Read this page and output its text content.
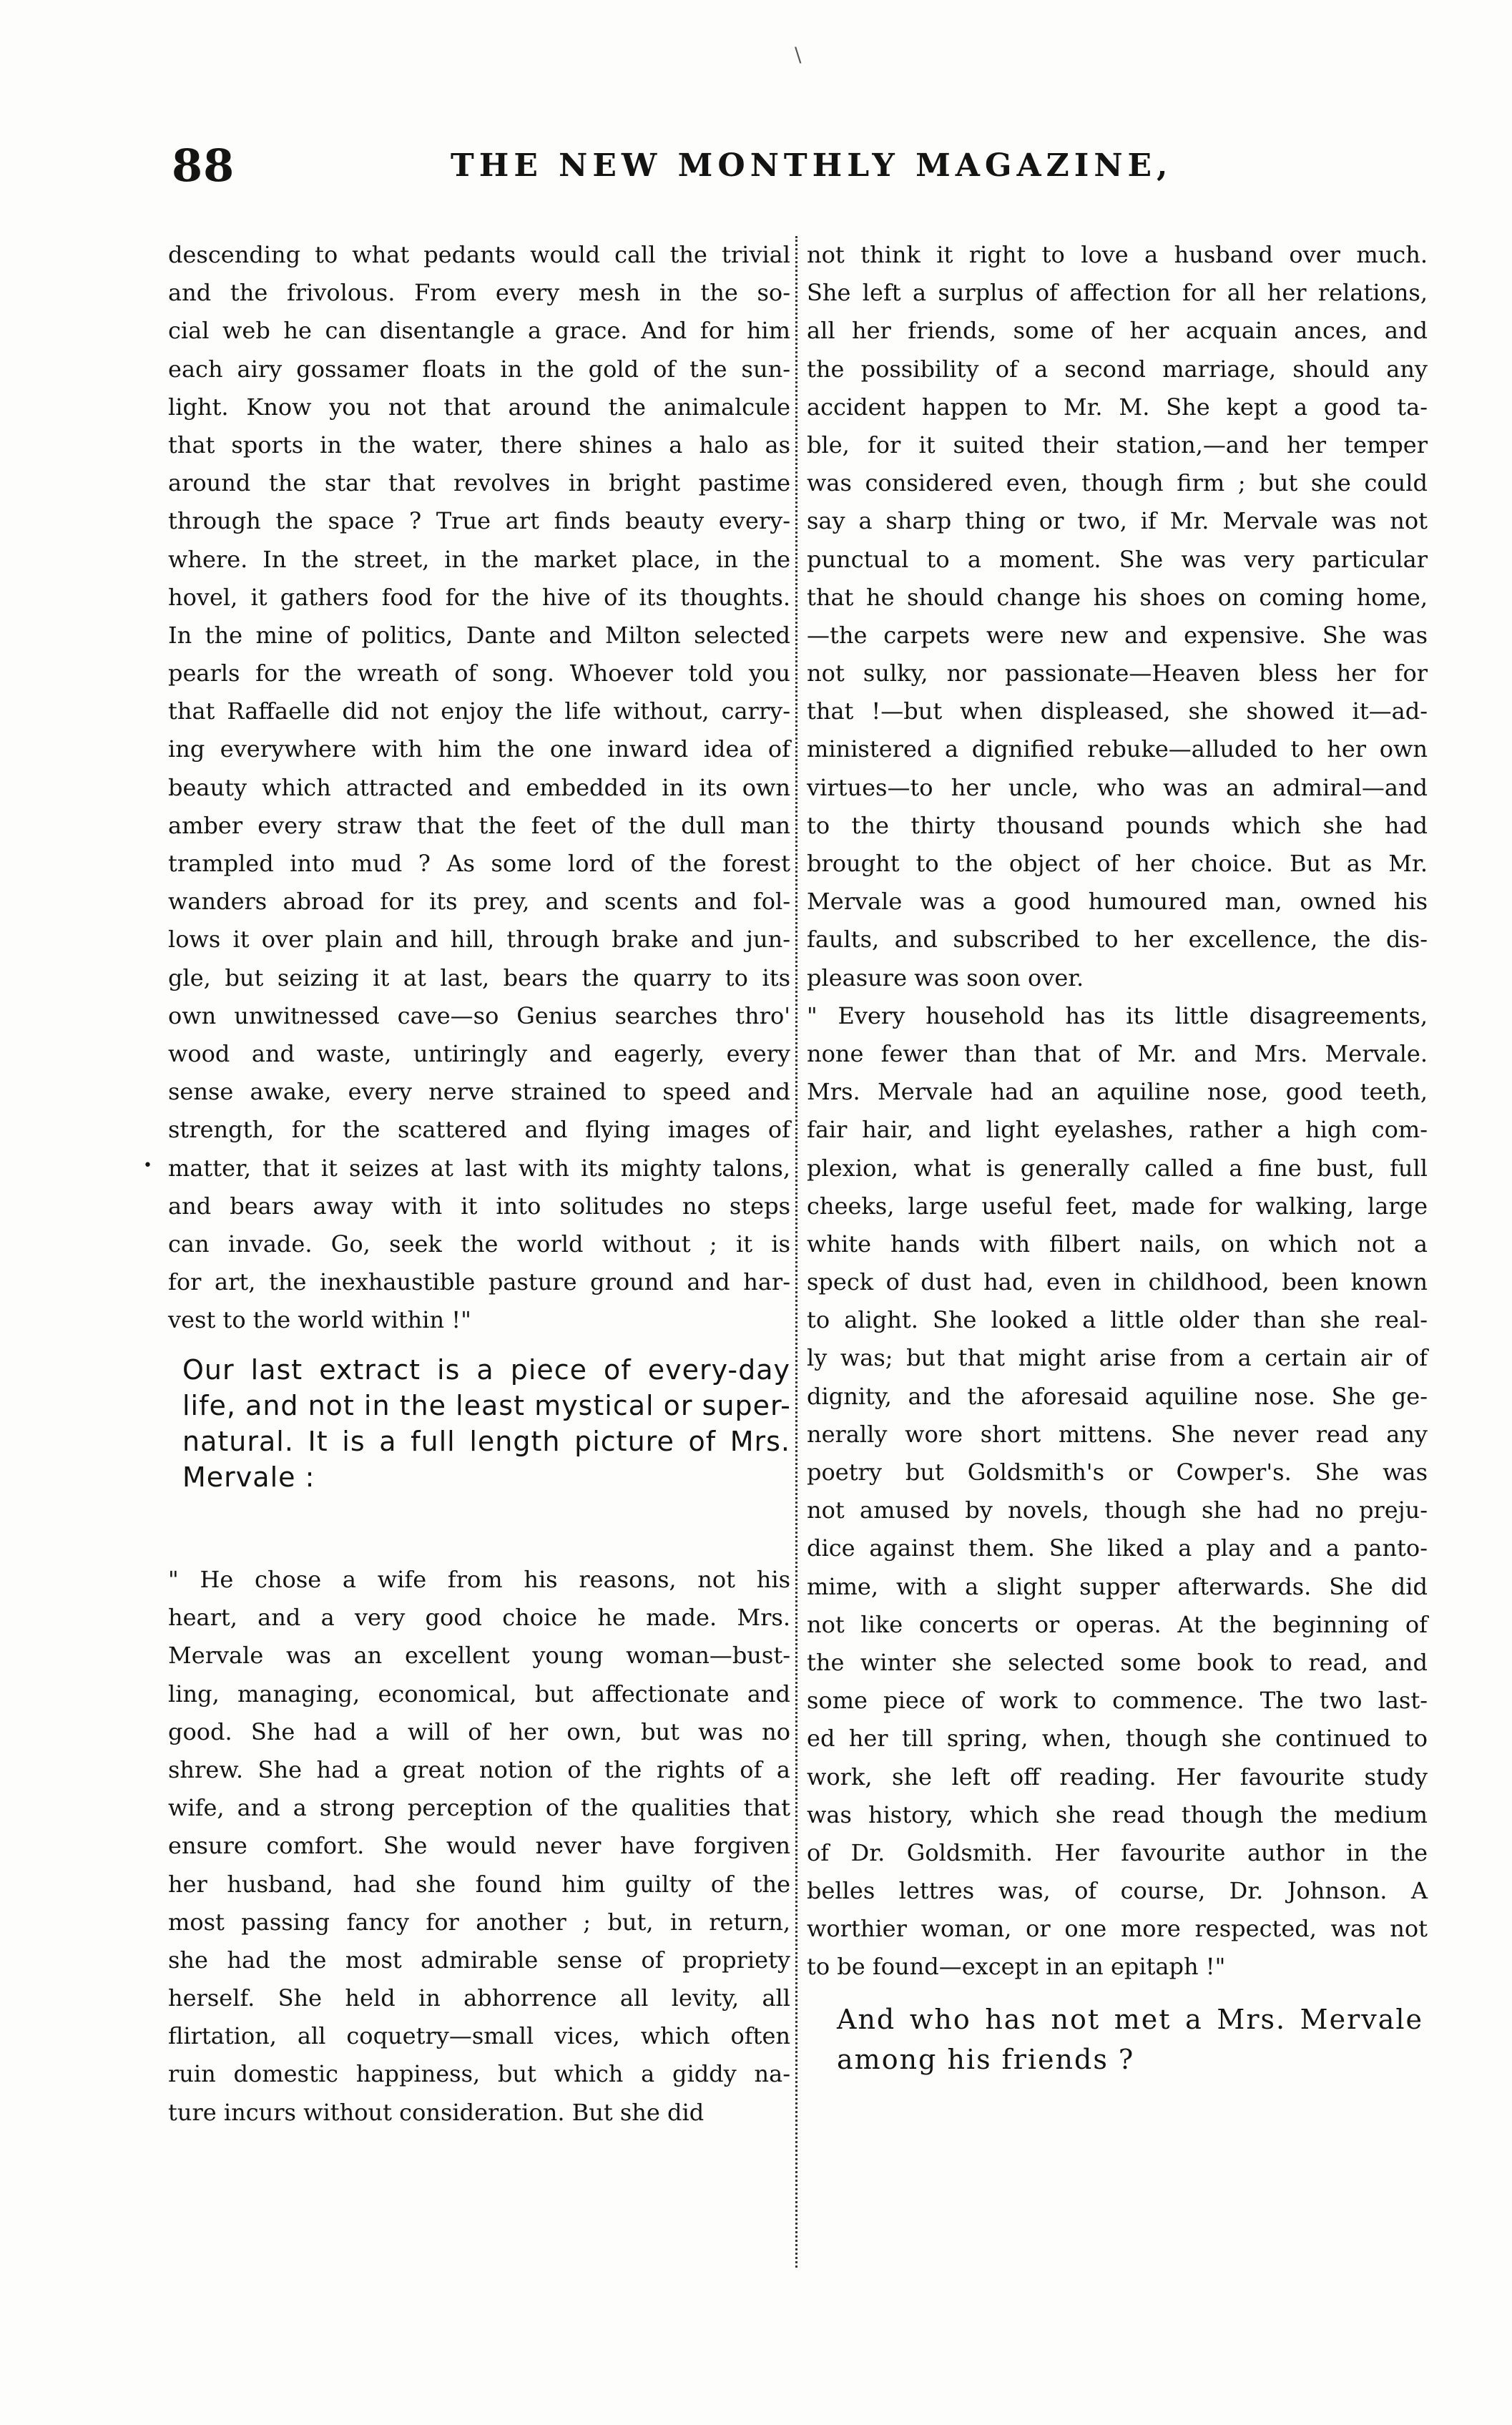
\
88	THE NEW MONTHLY MAGAZINE,
descending to what pedants would call the trivial
and the frivolous. From every mesh in the so-
cial web he can disentangle a grace. And for him
each airy gossamer floats in the gold of the sun-
light. Know you not that around the animalcule
that sports in the water, there shines a halo as
around the star that revolves in bright pastime
through the space ? True art finds beauty every-
where. In the street, in the market place, in the
hovel, it gathers food for the hive of its thoughts.
In the mine of politics, Dante and Milton selected
pearls for the wreath of song. Whoever told you
that Raffaelle did not enjoy the life without, carry-
ing everywhere with him the one inward idea of
beauty which attracted and embedded in its own
amber every straw that the feet of the dull man
trampled into mud ? As some lord of the forest
wanders abroad for its prey, and scents and fol-
lows it over plain and hill, through brake and jun-
gle, but seizing it at last, bears the quarry to its
own unwitnessed cave—so Genius searches thro'
wood and waste, untiringly and eagerly, every
sense awake, every nerve strained to speed and
strength, for the scattered and flying images of
matter, that it seizes at last with its mighty talons,
and bears away with it into solitudes no steps
can invade. Go, seek the world without ; it is
for art, the inexhaustible pasture ground and har-
vest to the world within !"
Our last extract is a piece of every-day
life, and not in the least mystical or super-
natural. It is a full length picture of Mrs.
Mervale :
" He chose a wife from his reasons, not his
heart, and a very good choice he made. Mrs.
Mervale was an excellent young woman—bust-
ling, managing, economical, but affectionate and
good. She had a will of her own, but was no
shrew. She had a great notion of the rights of a
wife, and a strong perception of the qualities that
ensure comfort. She would never have forgiven
her husband, had she found him guilty of the
most passing fancy for another ; but, in return,
she had the most admirable sense of propriety
herself. She held in abhorrence all levity, all
flirtation, all coquetry—small vices, which often
ruin domestic happiness, but which a giddy na-
ture incurs without consideration. But she did
•
not think it right to love a husband over much.
She left a surplus of affection for all her relations,
all her friends, some of her acquain ances, and
the possibility of a second marriage, should any
accident happen to Mr. M. She kept a good ta-
ble, for it suited their station,—and her temper
was considered even, though firm ; but she could
say a sharp thing or two, if Mr. Mervale was not
punctual to a moment. She was very particular
that he should change his shoes on coming home,
—the carpets were new and expensive. She was
not sulky, nor passionate—Heaven bless her for
that !—but when displeased, she showed it—ad-
ministered a dignified rebuke—alluded to her own
virtues—to her uncle, who was an admiral—and
to the thirty thousand pounds which she had
brought to the object of her choice. But as Mr.
Mervale was a good humoured man, owned his
faults, and subscribed to her excellence, the dis-
pleasure was soon over.
" Every household has its little disagreements,
none fewer than that of Mr. and Mrs. Mervale.
Mrs. Mervale had an aquiline nose, good teeth,
fair hair, and light eyelashes, rather a high com-
plexion, what is generally called a fine bust, full
cheeks, large useful feet, made for walking, large
white hands with filbert nails, on which not a
speck of dust had, even in childhood, been known
to alight. She looked a little older than she real-
ly was; but that might arise from a certain air of
dignity, and the aforesaid aquiline nose. She ge-
nerally wore short mittens. She never read any
poetry but Goldsmith's or Cowper's. She was
not amused by novels, though she had no preju-
dice against them. She liked a play and a panto-
mime, with a slight supper afterwards. She did
not like concerts or operas. At the beginning of
the winter she selected some book to read, and
some piece of work to commence. The two last-
ed her till spring, when, though she continued to
work, she left off reading. Her favourite study
was history, which she read though the medium
of Dr. Goldsmith. Her favourite author in the
belles lettres was, of course, Dr. Johnson. A
worthier woman, or one more respected, was not
to be found—except in an epitaph !"
And who has not met a Mrs. Mervale
among his friends ?
